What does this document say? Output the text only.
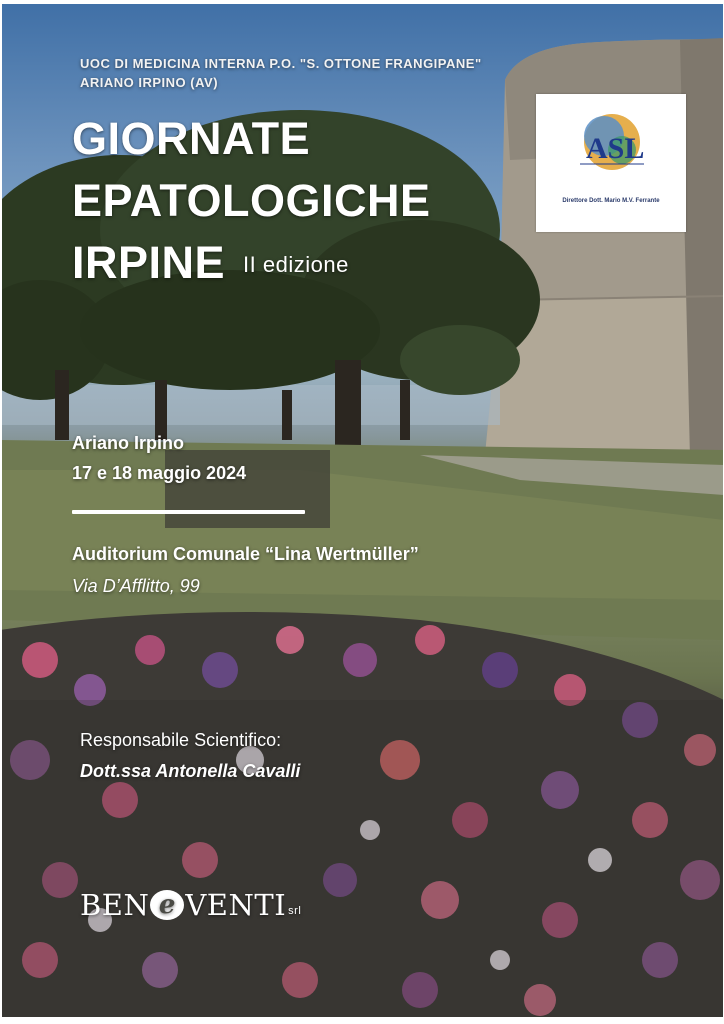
UOC DI MEDICINA INTERNA P.O. "S. OTTONE FRANGIPANE"
ARIANO IRPINO (AV)
GIORNATE
EPATOLOGICHE
IRPINE II edizione
ASL
Direttore Dott. Mario M.V. Ferrante
Ariano Irpino
17 e 18 maggio 2024
Auditorium Comunale “Lina Wertmüller”
Via D’Afflitto, 99
Responsabile Scientifico:
Dott.ssa Antonella Cavalli
BEN e VENTI srl
